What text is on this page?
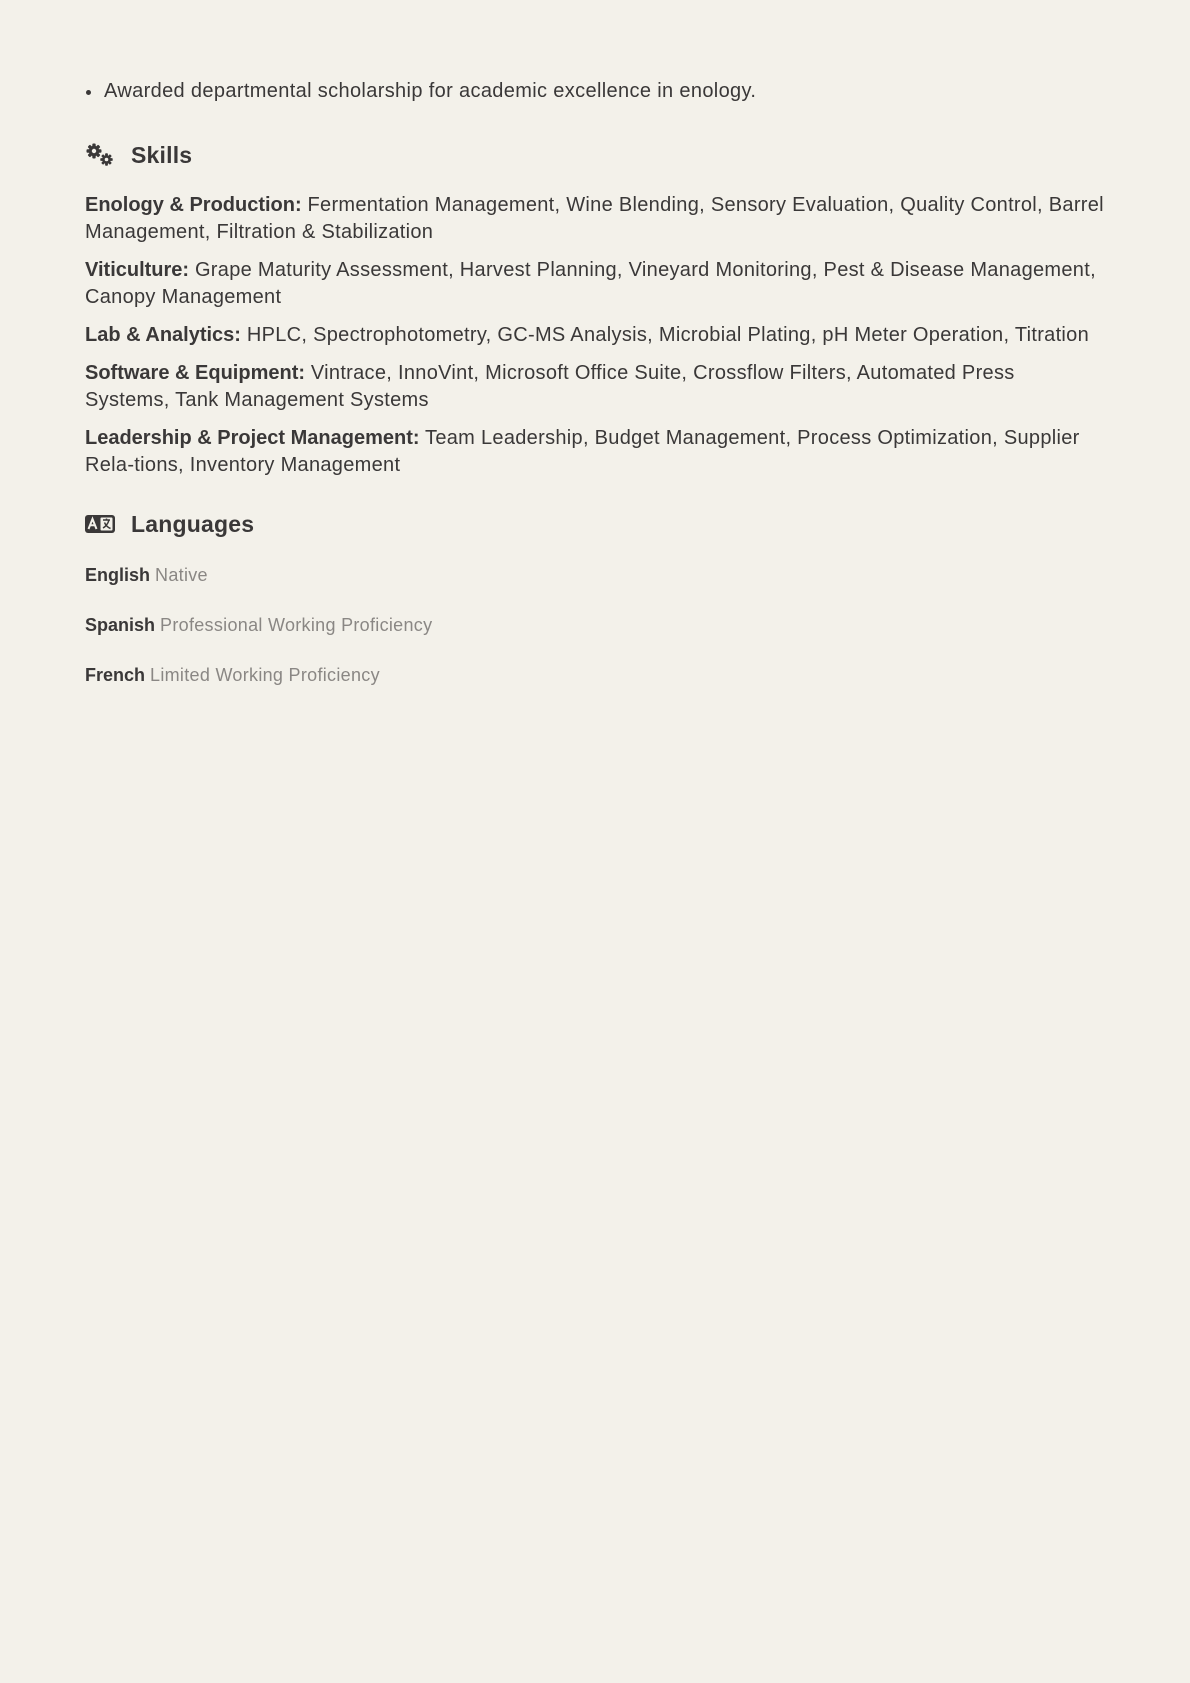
Awarded departmental scholarship for academic excellence in enology.
Skills
Enology & Production: Fermentation Management, Wine Blending, Sensory Evaluation, Quality Control, Barrel Management, Filtration & Stabilization
Viticulture: Grape Maturity Assessment, Harvest Planning, Vineyard Monitoring, Pest & Disease Management, Canopy Management
Lab & Analytics: HPLC, Spectrophotometry, GC-MS Analysis, Microbial Plating, pH Meter Operation, Titration
Software & Equipment: Vintrace, InnoVint, Microsoft Office Suite, Crossflow Filters, Automated Press Systems, Tank Management Systems
Leadership & Project Management: Team Leadership, Budget Management, Process Optimization, Supplier Rela-tions, Inventory Management
Languages
English Native
Spanish Professional Working Proficiency
French Limited Working Proficiency
